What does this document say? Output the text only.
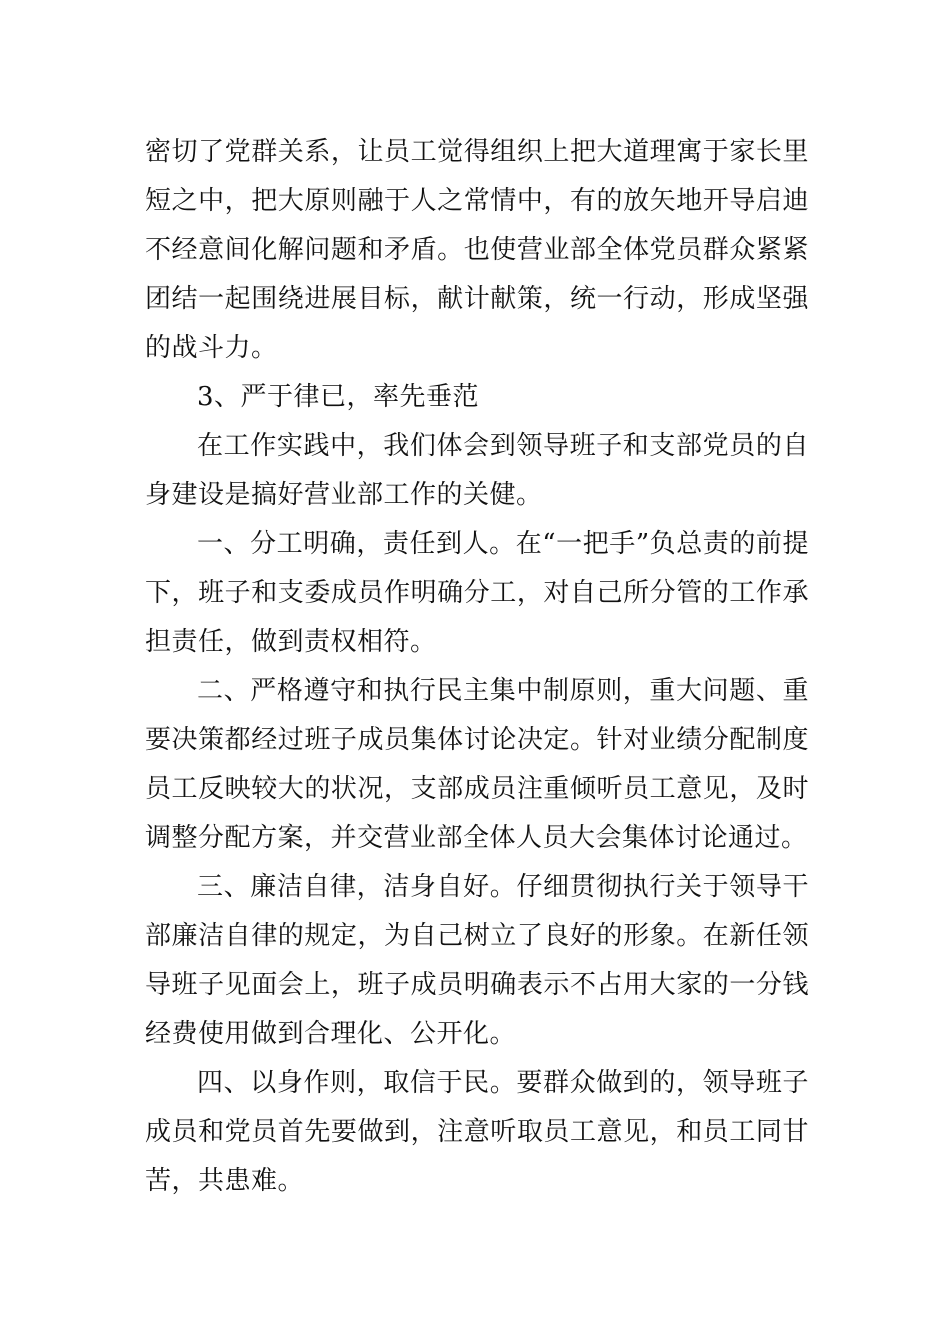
密切了党群关系，让员工觉得组织上把大道理寓于家长里短之中，把大原则融于人之常情中，有的放矢地开导启迪不经意间化解问题和矛盾。也使营业部全体党员群众紧紧团结一起围绕进展目标，献计献策，统一行动，形成坚强的战斗力。

3、严于律已，率先垂范

在工作实践中，我们体会到领导班子和支部党员的自身建设是搞好营业部工作的关健。

一、分工明确，责任到人。在“一把手”负总责的前提下，班子和支委成员作明确分工，对自己所分管的工作承担责任，做到责权相符。

二、严格遵守和执行民主集中制原则，重大问题、重要决策都经过班子成员集体讨论决定。针对业绩分配制度员工反映较大的状况，支部成员注重倾听员工意见，及时调整分配方案，并交营业部全体人员大会集体讨论通过。

三、廉洁自律，洁身自好。仔细贯彻执行关于领导干部廉洁自律的规定，为自己树立了良好的形象。在新任领导班子见面会上，班子成员明确表示不占用大家的一分钱经费使用做到合理化、公开化。

四、以身作则，取信于民。要群众做到的，领导班子成员和党员首先要做到，注意听取员工意见，和员工同甘苦，共患难。
